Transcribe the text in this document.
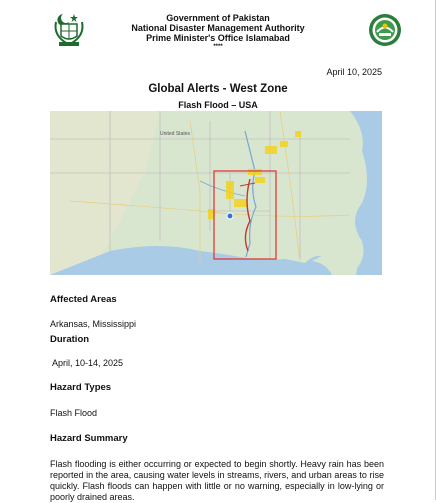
Government of Pakistan
National Disaster Management Authority
Prime Minister's Office Islamabad
****
April 10, 2025
Global Alerts - West Zone
Flash Flood – USA
United States
Affected Areas
Arkansas, Mississippi
Duration
April, 10-14, 2025
Hazard Types
Flash Flood
Hazard Summary
Flash flooding is either occurring or expected to begin shortly. Heavy rain has been reported in the area, causing water levels in streams, rivers, and urban areas to rise quickly. Flash floods can happen with little or no warning, especially in low-lying or poorly drained areas.
